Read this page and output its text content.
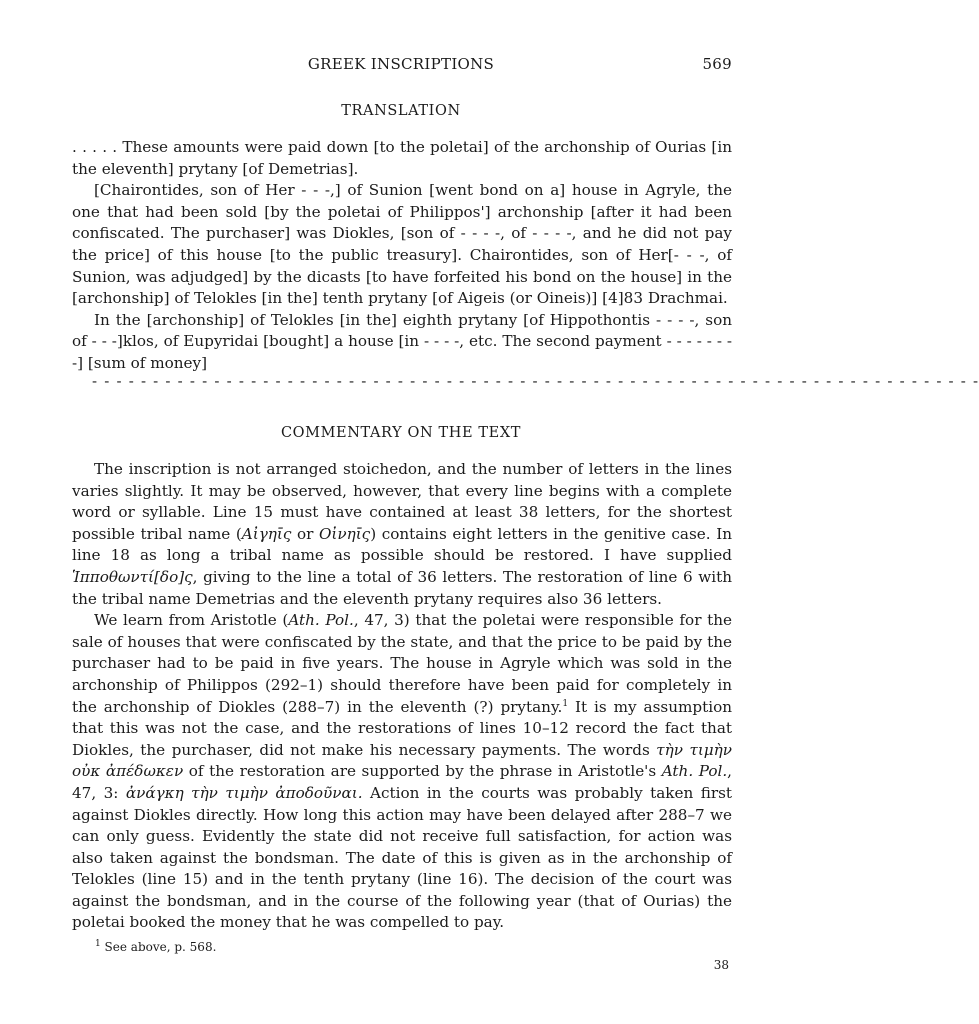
GREEK INSCRIPTIONS	569
TRANSLATION

. . . . . These amounts were paid down [to the poletai] of the archonship of Ourias [in the eleventh] prytany [of Demetrias].

[Chairontides, son of Her - - -,] of Sunion [went bond on a] house in Agryle, the one that had been sold [by the poletai of Philippos'] archonship [after it had been confiscated. The purchaser] was Diokles, [son of - - - -, of - - - -, and he did not pay the price] of this house [to the public treasury]. Chairontides, son of Her[- - -, of Sunion, was adjudged] by the dicasts [to have forfeited his bond on the house] in the [archonship] of Telokles [in the] tenth prytany [of Aigeis (or Oineis)] [4]83 Drachmai.

In the [archonship] of Telokles [in the] eighth prytany [of Hippothontis - - - -, son of - - -]klos, of Eupyridai [bought] a house [in - - - -, etc. The second payment - - - - - - - -] [sum of money]

- - - - - - - - - - - - - - - - - - - - - - - - - - - - - - - - - - - - - - - - - - - - - - - - - - - - - - - - - - - - - - - - - - - - - - - - -
COMMENTARY ON THE TEXT

The inscription is not arranged stoichedon, and the number of letters in the lines varies slightly. It may be observed, however, that every line begins with a complete word or syllable. Line 15 must have contained at least 38 letters, for the shortest possible tribal name (Αἰγηῑς or Οἰνηῑς) contains eight letters in the genitive case. In line 18 as long a tribal name as possible should be restored. I have supplied Ἱπποθωντί[δο]ς, giving to the line a total of 36 letters. The restoration of line 6 with the tribal name Demetrias and the eleventh prytany requires also 36 letters.

We learn from Aristotle (Ath. Pol., 47, 3) that the poletai were responsible for the sale of houses that were confiscated by the state, and that the price to be paid by the purchaser had to be paid in five years. The house in Agryle which was sold in the archonship of Philippos (292–1) should therefore have been paid for completely in the archonship of Diokles (288–7) in the eleventh (?) prytany.$^1$ It is my assumption that this was not the case, and the restorations of lines 10–12 record the fact that Diokles, the purchaser, did not make his necessary payments. The words τὴν τιμὴν οὐκ ἀπέδωκεν of the restoration are supported by the phrase in Aristotle's Ath. Pol., 47, 3: ἀνάγκη τὴν τιμὴν ἀποδοῦναι. Action in the courts was probably taken first against Diokles directly. How long this action may have been delayed after 288–7 we can only guess. Evidently the state did not receive full satisfaction, for action was also taken against the bondsman. The date of this is given as in the archonship of Telokles (line 15) and in the tenth prytany (line 16). The decision of the court was against the bondsman, and in the course of the following year (that of Ourias) the poletai booked the money that he was compelled to pay.

$^1$ See above, p. 568.
38
